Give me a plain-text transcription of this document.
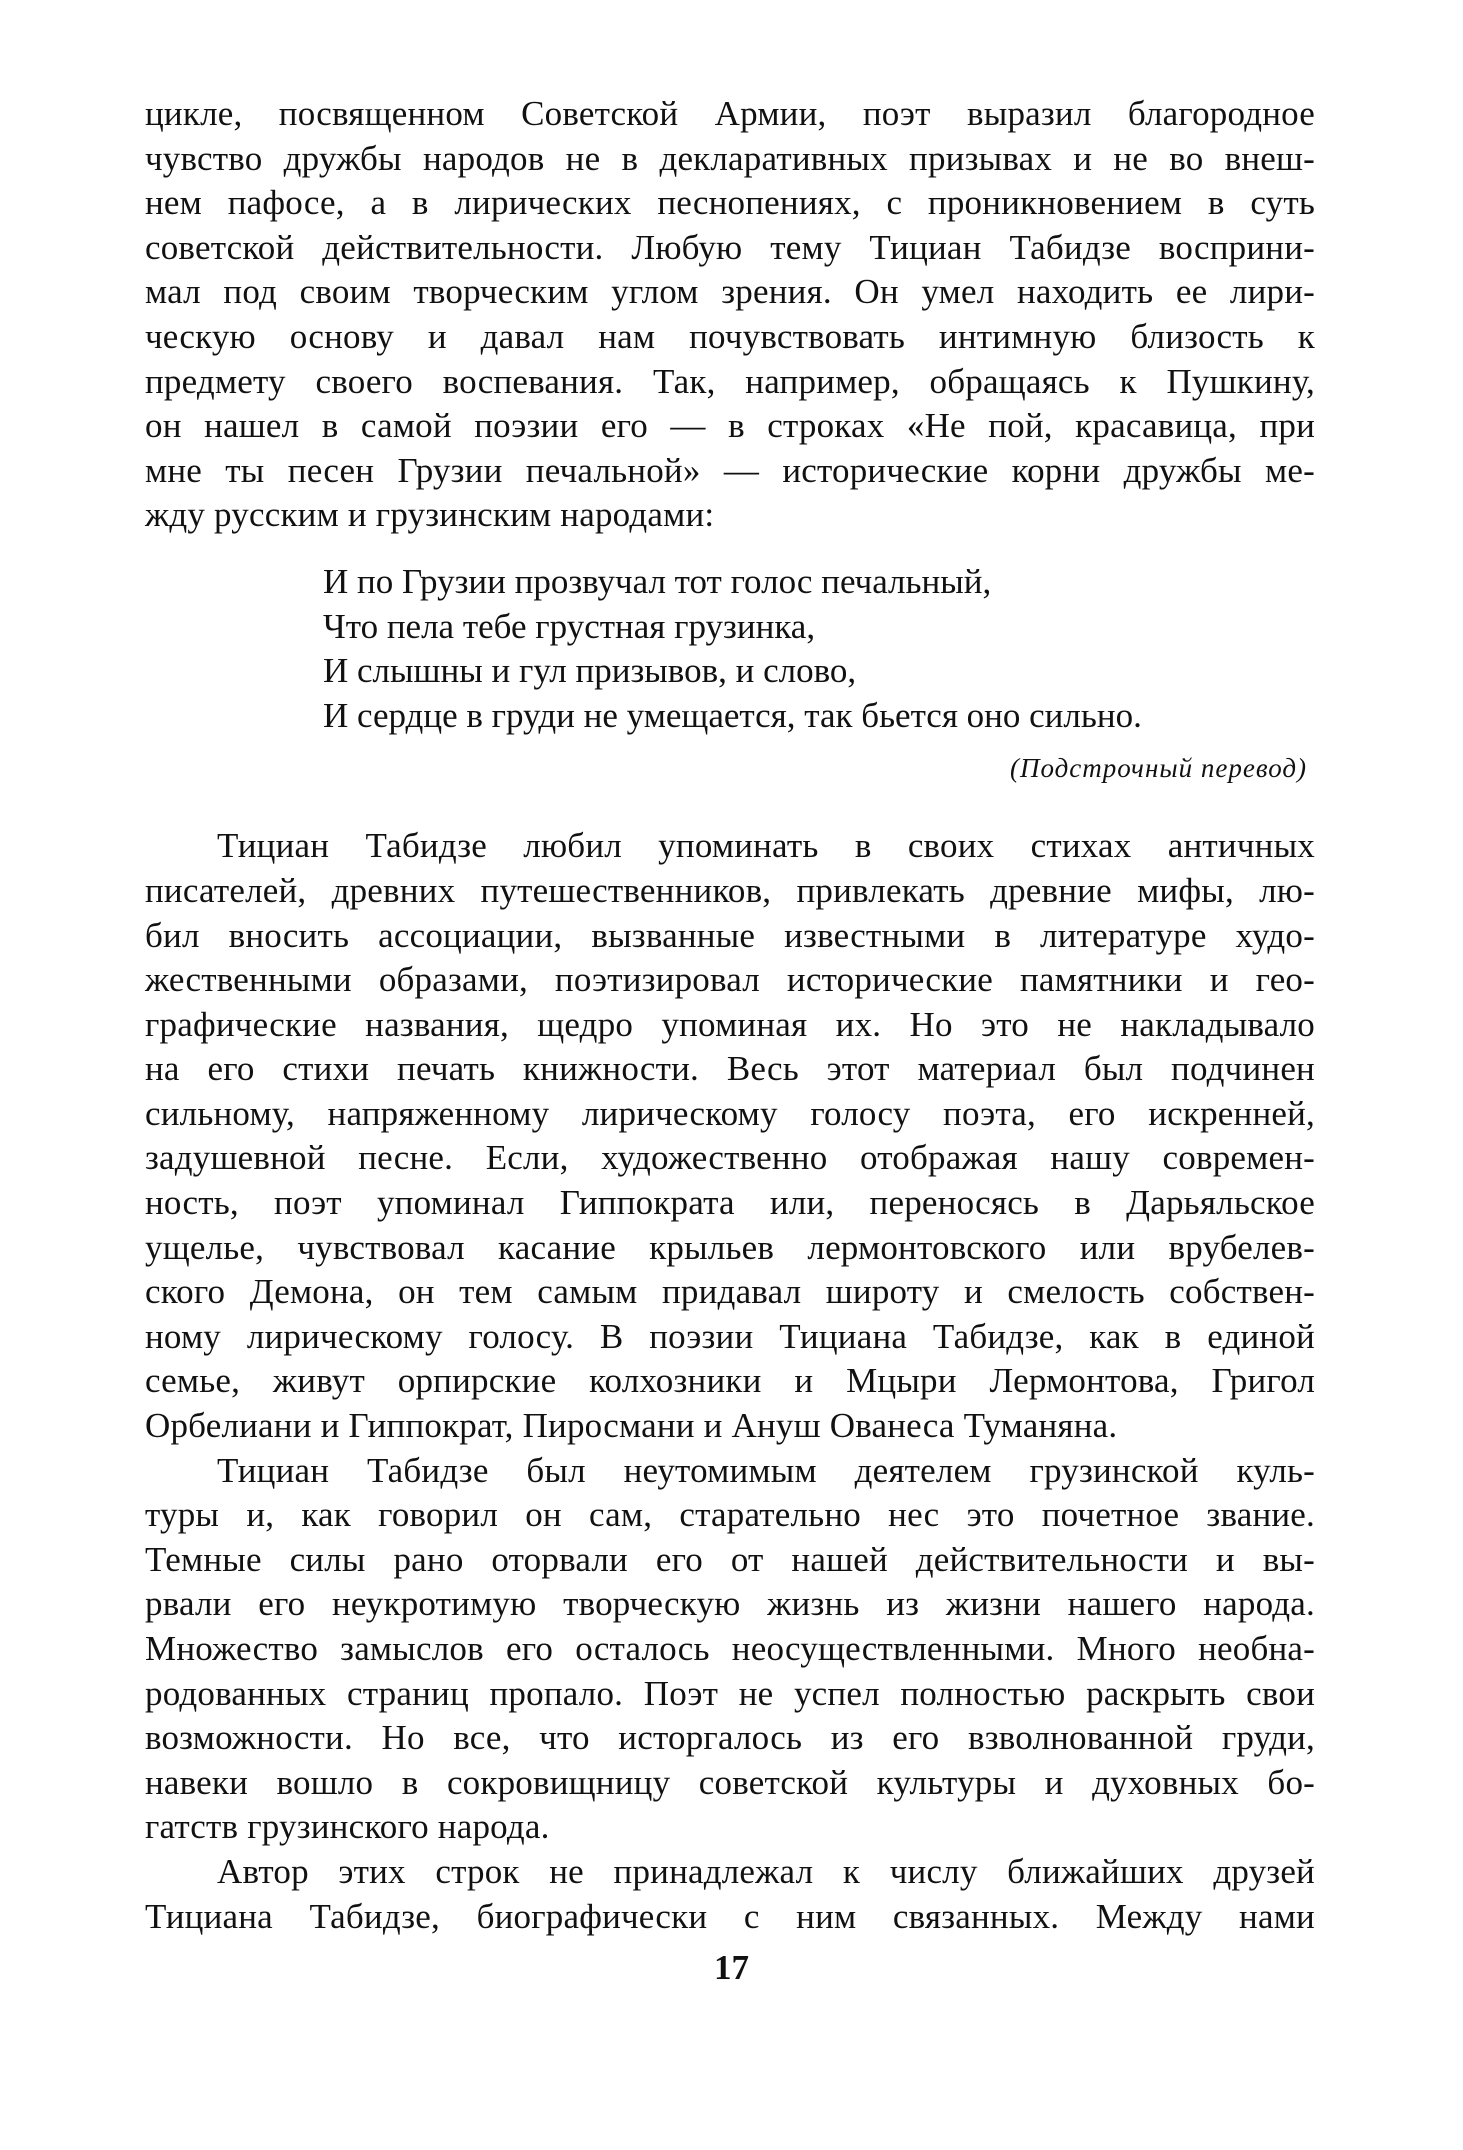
цикле, посвященном Советской Армии, поэт выразил благородное
чувство дружбы народов не в декларативных призывах и не во внеш-
нем пафосе, а в лирических песнопениях, с проникновением в суть
советской действительности. Любую тему Тициан Табидзе восприни-
мал под своим творческим углом зрения. Он умел находить ее лири-
ческую основу и давал нам почувствовать интимную близость к
предмету своего воспевания. Так, например, обращаясь к Пушкину,
он нашел в самой поэзии его — в строках «Не пой, красавица, при
мне ты песен Грузии печальной» — исторические корни дружбы ме-
жду русским и грузинским народами:
И по Грузии прозвучал тот голос печальный,
Что пела тебе грустная грузинка,
И слышны и гул призывов, и слово,
И сердце в груди не умещается, так бьется оно сильно.
(Подстрочный перевод)
Тициан Табидзе любил упоминать в своих стихах античных
писателей, древних путешественников, привлекать древние мифы, лю-
бил вносить ассоциации, вызванные известными в литературе худо-
жественными образами, поэтизировал исторические памятники и гео-
графические названия, щедро упоминая их. Но это не накладывало
на его стихи печать книжности. Весь этот материал был подчинен
сильному, напряженному лирическому голосу поэта, его искренней,
задушевной песне. Если, художественно отображая нашу современ-
ность, поэт упоминал Гиппократа или, переносясь в Дарьяльское
ущелье, чувствовал касание крыльев лермонтовского или врубелев-
ского Демона, он тем самым придавал широту и смелость собствен-
ному лирическому голосу. В поэзии Тициана Табидзе, как в единой
семье, живут орпирские колхозники и Мцыри Лермонтова, Григол
Орбелиани и Гиппократ, Пиросмани и Ануш Ованеса Туманяна.
Тициан Табидзе был неутомимым деятелем грузинской куль-
туры и, как говорил он сам, старательно нес это почетное звание.
Темные силы рано оторвали его от нашей действительности и вы-
рвали его неукротимую творческую жизнь из жизни нашего народа.
Множество замыслов его осталось неосуществленными. Много необна-
родованных страниц пропало. Поэт не успел полностью раскрыть свои
возможности. Но все, что исторгалось из его взволнованной груди,
навеки вошло в сокровищницу советской культуры и духовных бо-
гатств грузинского народа.
Автор этих строк не принадлежал к числу ближайших друзей
Тициана Табидзе, биографически с ним связанных. Между нами
17
